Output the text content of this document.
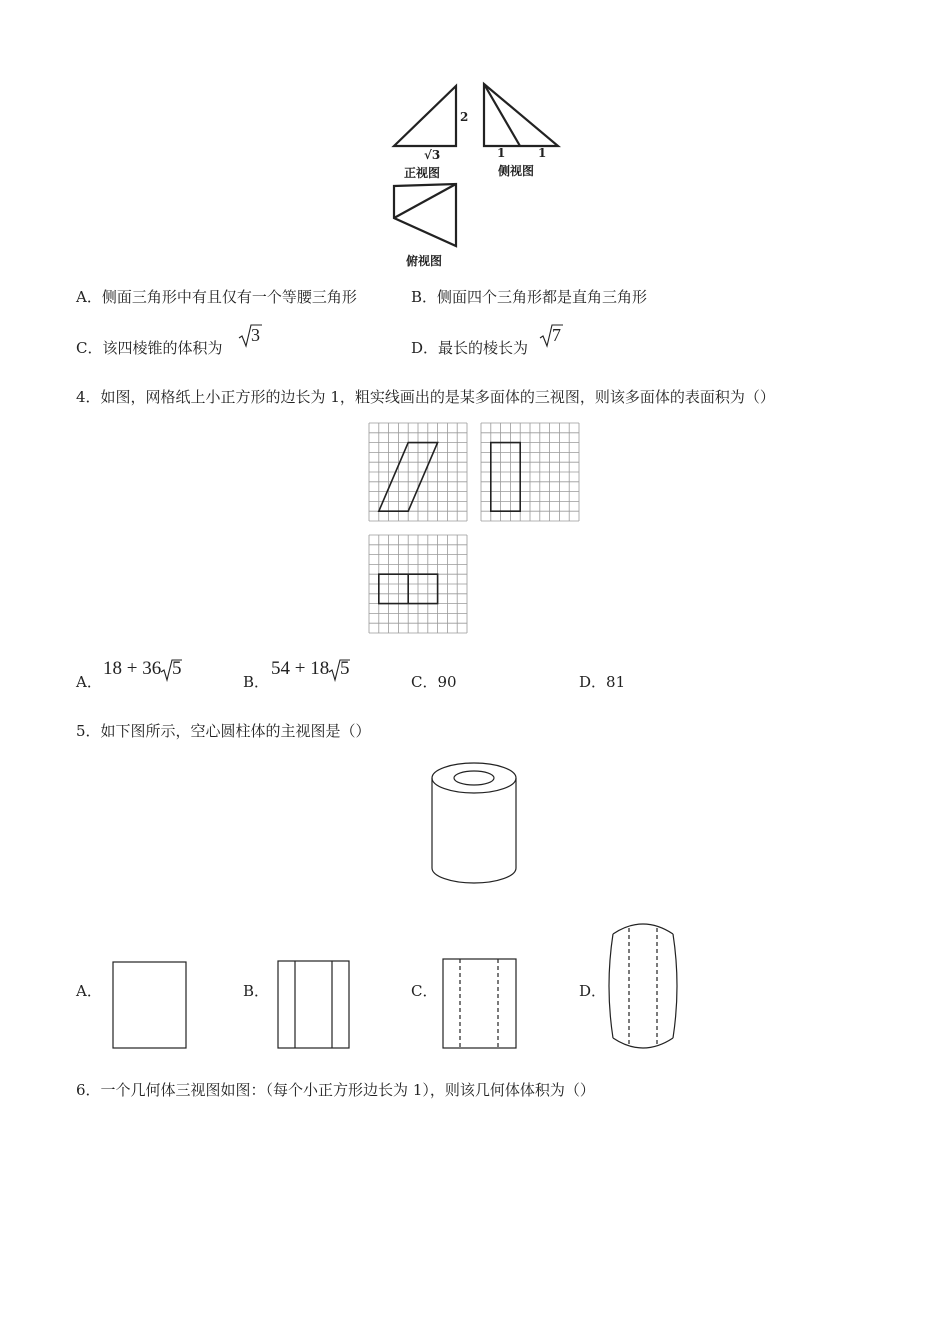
2
√3
正视图
1	1
侧视图
俯视图
A．侧面三角形中有且仅有一个等腰三角形	B．侧面四个三角形都是直角三角形
C．该四棱锥的体积为
3
D．最长的棱长为
7
4．如图，网格纸上小正方形的边长为 1，粗实线画出的是某多面体的三视图，则该多面体的表面积为（）
A．
18 + 36 5
B．
54 + 18 5
C．90	D．81
5．如下图所示，空心圆柱体的主视图是（）
A．	B．	C．	D．
6．一个几何体三视图如图：（每个小正方形边长为 1），则该几何体体积为（）
